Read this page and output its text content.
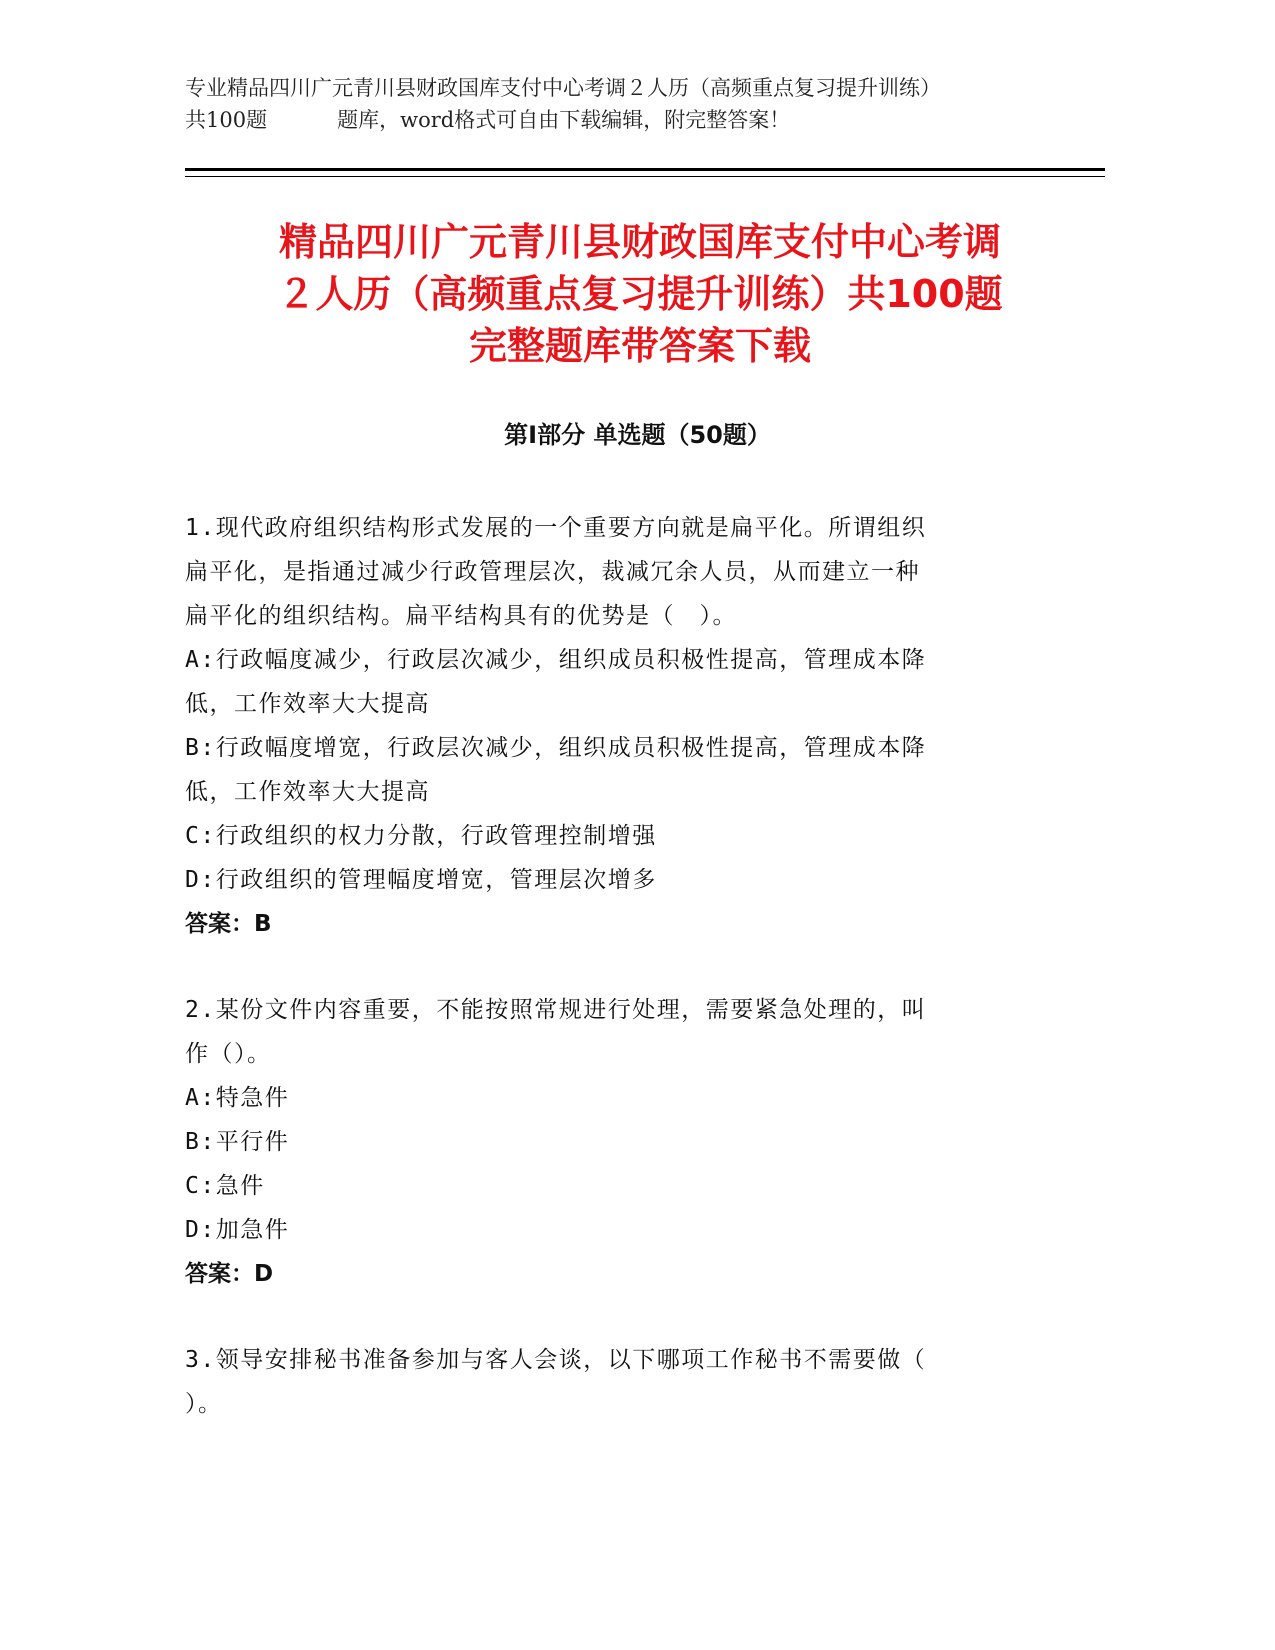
专业精品四川广元青川县财政国库支付中心考调２人历（高频重点复习提升训练）
共100题	题库，word格式可自由下载编辑，附完整答案！
精品四川广元青川县财政国库支付中心考调
２人历（高频重点复习提升训练）共100题
完整题库带答案下载
第Ⅰ部分 单选题（50题）
1.现代政府组织结构形式发展的一个重要方向就是扁平化。所谓组织
扁平化，是指通过减少行政管理层次，裁减冗余人员，从而建立一种
扁平化的组织结构。扁平结构具有的优势是（　）。
A:行政幅度减少，行政层次减少，组织成员积极性提高，管理成本降
低，工作效率大大提高
B:行政幅度增宽，行政层次减少，组织成员积极性提高，管理成本降
低，工作效率大大提高
C:行政组织的权力分散，行政管理控制增强
D:行政组织的管理幅度增宽，管理层次增多
答案：B
2.某份文件内容重要，不能按照常规进行处理，需要紧急处理的，叫
作（）。
A:特急件
B:平行件
C:急件
D:加急件
答案：D
3.领导安排秘书准备参加与客人会谈，以下哪项工作秘书不需要做（
）。
